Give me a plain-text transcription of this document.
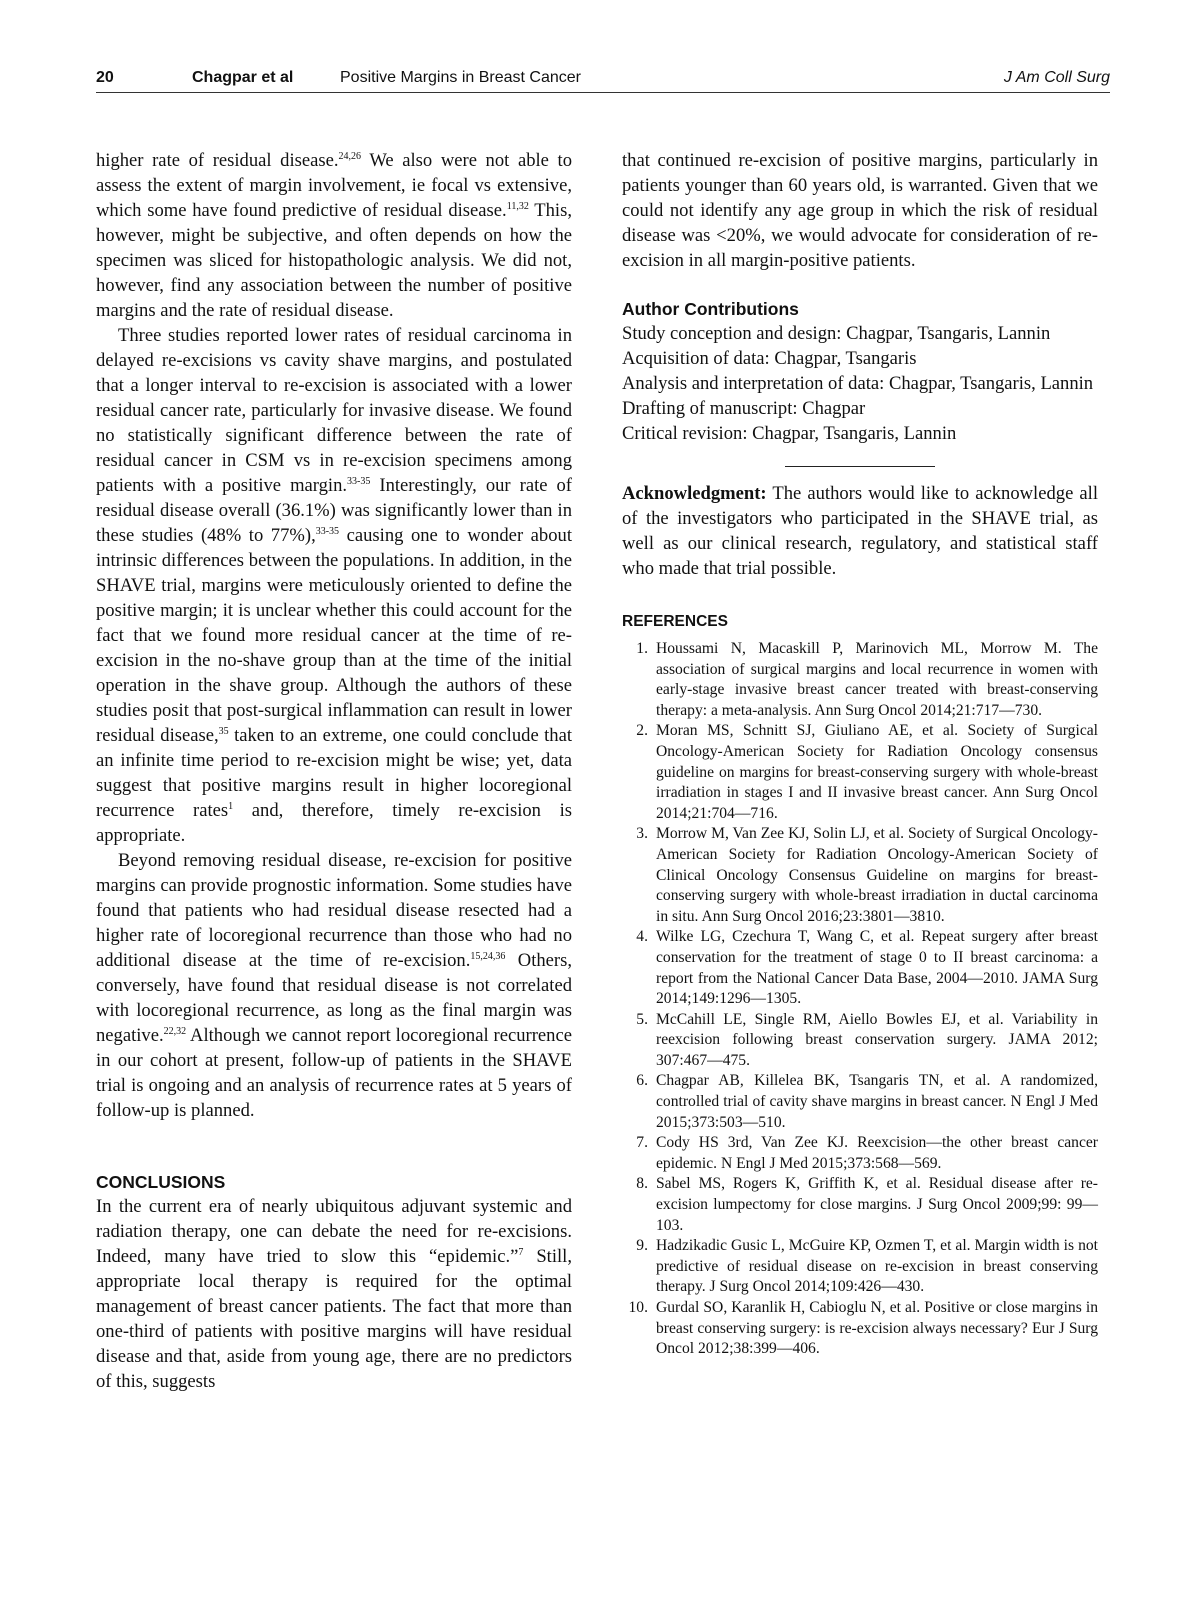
20	Chagpar et al	Positive Margins in Breast Cancer	J Am Coll Surg

higher rate of residual disease.$^{24,26}$ We also were not able to assess the extent of margin involvement, ie focal vs extensive, which some have found predictive of residual disease.$^{11,32}$ This, however, might be subjective, and often depends on how the specimen was sliced for histopathologic analysis. We did not, however, find any association between the number of positive margins and the rate of residual disease.

Three studies reported lower rates of residual carcinoma in delayed re-excisions vs cavity shave margins, and postulated that a longer interval to re-excision is associated with a lower residual cancer rate, particularly for invasive disease. We found no statistically significant difference between the rate of residual cancer in CSM vs in re-excision specimens among patients with a positive margin.$^{33-35}$ Interestingly, our rate of residual disease overall (36.1%) was significantly lower than in these studies (48% to 77%),$^{33-35}$ causing one to wonder about intrinsic differences between the populations. In addition, in the SHAVE trial, margins were meticulously oriented to define the positive margin; it is unclear whether this could account for the fact that we found more residual cancer at the time of re-excision in the no-shave group than at the time of the initial operation in the shave group. Although the authors of these studies posit that post-surgical inflammation can result in lower residual disease,$^{35}$ taken to an extreme, one could conclude that an infinite time period to re-excision might be wise; yet, data suggest that positive margins result in higher locoregional recurrence rates$^1$ and, therefore, timely re-excision is appropriate.

Beyond removing residual disease, re-excision for positive margins can provide prognostic information. Some studies have found that patients who had residual disease resected had a higher rate of locoregional recurrence than those who had no additional disease at the time of re-excision.$^{15,24,36}$ Others, conversely, have found that residual disease is not correlated with locoregional recurrence, as long as the final margin was negative.$^{22,32}$ Although we cannot report locoregional recurrence in our cohort at present, follow-up of patients in the SHAVE trial is ongoing and an analysis of recurrence rates at 5 years of follow-up is planned.

CONCLUSIONS

In the current era of nearly ubiquitous adjuvant systemic and radiation therapy, one can debate the need for re-excisions. Indeed, many have tried to slow this “epidemic.”$^7$ Still, appropriate local therapy is required for the optimal management of breast cancer patients. The fact that more than one-third of patients with positive margins will have residual disease and that, aside from young age, there are no predictors of this, suggests

that continued re-excision of positive margins, particularly in patients younger than 60 years old, is warranted. Given that we could not identify any age group in which the risk of residual disease was <20%, we would advocate for consideration of re-excision in all margin-positive patients.

Author Contributions
Study conception and design: Chagpar, Tsangaris, Lannin
Acquisition of data: Chagpar, Tsangaris
Analysis and interpretation of data: Chagpar, Tsangaris, Lannin
Drafting of manuscript: Chagpar
Critical revision: Chagpar, Tsangaris, Lannin

Acknowledgment: The authors would like to acknowledge all of the investigators who participated in the SHAVE trial, as well as our clinical research, regulatory, and statistical staff who made that trial possible.

REFERENCES
1. Houssami N, Macaskill P, Marinovich ML, Morrow M. The association of surgical margins and local recurrence in women with early-stage invasive breast cancer treated with breast-conserving therapy: a meta-analysis. Ann Surg Oncol 2014;21:717—730.
2. Moran MS, Schnitt SJ, Giuliano AE, et al. Society of Surgical Oncology-American Society for Radiation Oncology consensus guideline on margins for breast-conserving surgery with whole-breast irradiation in stages I and II invasive breast cancer. Ann Surg Oncol 2014;21:704—716.
3. Morrow M, Van Zee KJ, Solin LJ, et al. Society of Surgical Oncology-American Society for Radiation Oncology-American Society of Clinical Oncology Consensus Guideline on margins for breast-conserving surgery with whole-breast irradiation in ductal carcinoma in situ. Ann Surg Oncol 2016;23:3801—3810.
4. Wilke LG, Czechura T, Wang C, et al. Repeat surgery after breast conservation for the treatment of stage 0 to II breast carcinoma: a report from the National Cancer Data Base, 2004—2010. JAMA Surg 2014;149:1296—1305.
5. McCahill LE, Single RM, Aiello Bowles EJ, et al. Variability in reexcision following breast conservation surgery. JAMA 2012; 307:467—475.
6. Chagpar AB, Killelea BK, Tsangaris TN, et al. A randomized, controlled trial of cavity shave margins in breast cancer. N Engl J Med 2015;373:503—510.
7. Cody HS 3rd, Van Zee KJ. Reexcision—the other breast cancer epidemic. N Engl J Med 2015;373:568—569.
8. Sabel MS, Rogers K, Griffith K, et al. Residual disease after re-excision lumpectomy for close margins. J Surg Oncol 2009;99: 99—103.
9. Hadzikadic Gusic L, McGuire KP, Ozmen T, et al. Margin width is not predictive of residual disease on re-excision in breast conserving therapy. J Surg Oncol 2014;109:426—430.
10. Gurdal SO, Karanlik H, Cabioglu N, et al. Positive or close margins in breast conserving surgery: is re-excision always necessary? Eur J Surg Oncol 2012;38:399—406.
